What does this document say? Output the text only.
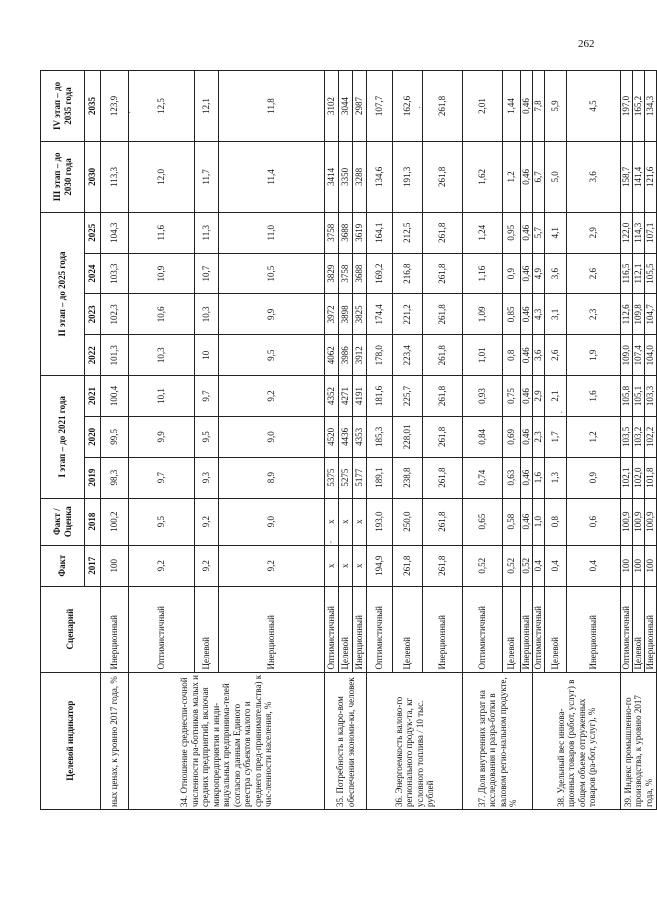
262
·	·
'
·
Целевой индикатор	Сценарий	Факт	Факт / Оценка	I этап – до 2021 года			II этап – до 2025 года				III этап – до 2030 года	IV этап – до 2035 года
		2017	2018	2019	2020	2021	2022	2023	2024	2025	2030	2035
ных ценах, к уровню 2017 года, %	Инерционный	100	100,2	98,3	99,5	100,4	101,3	102,3	103,3	104,3	113,3	123,9
34. Отношение среднеспи-сочной численности ра-ботников малых и средних предприятий, включая микропредприятия и инди-видуальных предпринима-телей (согласно данным Единого реестра субъектов малого и среднего пред-принимательства) к чис-ленности населения, %	Оптимистичный	9,2	9,5	9,7	9,9	10,1	10,3	10,6	10,9	11,6	12,0	12,5
	Целевой	9,2	9,2	9,3	9,5	9,7	10	10,3	10,7	11,3	11,7	12,1
	Инерционный	9,2	9,0	8,9	9,0	9,2	9,5	9,9	10,5	11,0	11,4	11,8
35. Потребность в кадро-вом обеспечении экономи-ки, человек	Оптимистичный	x	x	5375	4520	4352	4062	3972	3829	3758	3414	3102
	Целевой	x	x	5275	4436	4271	3986	3898	3758	3688	3350	3044
	Инерционный	x	x	5177	4353	4191	3912	3825	3688	3619	3288	2987
36. Энергоемкость валово-го регионального продук-та, кг условного топлива / 10 тыс. рублей	Оптимистичный	194,9	193,0	189,1	185,3	181,6	178,0	174,4	169,2	164,1	134,6	107,7
	Целевой	261,8	250,0	238,8	228,01	225,7	223,4	221,2	216,8	212,5	191,3	162,6
	Инерционный	261,8	261,8	261,8	261,8	261,8	261,8	261,8	261,8	261,8	261,8	261,8
37. Доля внутренних затрат на исследования и разра-ботки в валовом регио-нальном продукте, %	Оптимистичный	0,52	0,65	0,74	0,84	0,93	1,01	1,09	1,16	1,24	1,62	2,01
	Целевой	0,52	0,58	0,63	0,69	0,75	0,8	0,85	0,9	0,95	1,2	1,44
	Инерционный	0,52	0,46	0,46	0,46	0,46	0,46	0,46	0,46	0,46	0,46	0,46
38. Удельный вес иннова-ционных товаров (работ, услуг) в общем объеме отгруженных товаров (ра-бот, услуг), %	Оптимистичный	0,4	1,0	1,6	2,3	2,9	3,6	4,3	4,9	5,7	6,7	7,8
	Целевой	0,4	0,8	1,3	1,7	2,1	2,6	3,1	3,6	4,1	5,0	5,9
	Инерционный	0,4	0,6	0,9	1,2	1,6	1,9	2,3	2,6	2,9	3,6	4,5
39. Индекс промышленно-го производства, к уровню 2017 года, %	Оптимистичный	100	100,9	102,1	103,5	105,8	109,0	112,6	116,5	122,0	158,7	197,0
	Целевой	100	100,9	102,0	103,2	105,1	107,4	109,8	112,1	114,3	141,4	165,2
	Инерционный	100	100,9	101,8	102,2	103,3	104,0	104,7	105,5	107,1	121,6	134,3
